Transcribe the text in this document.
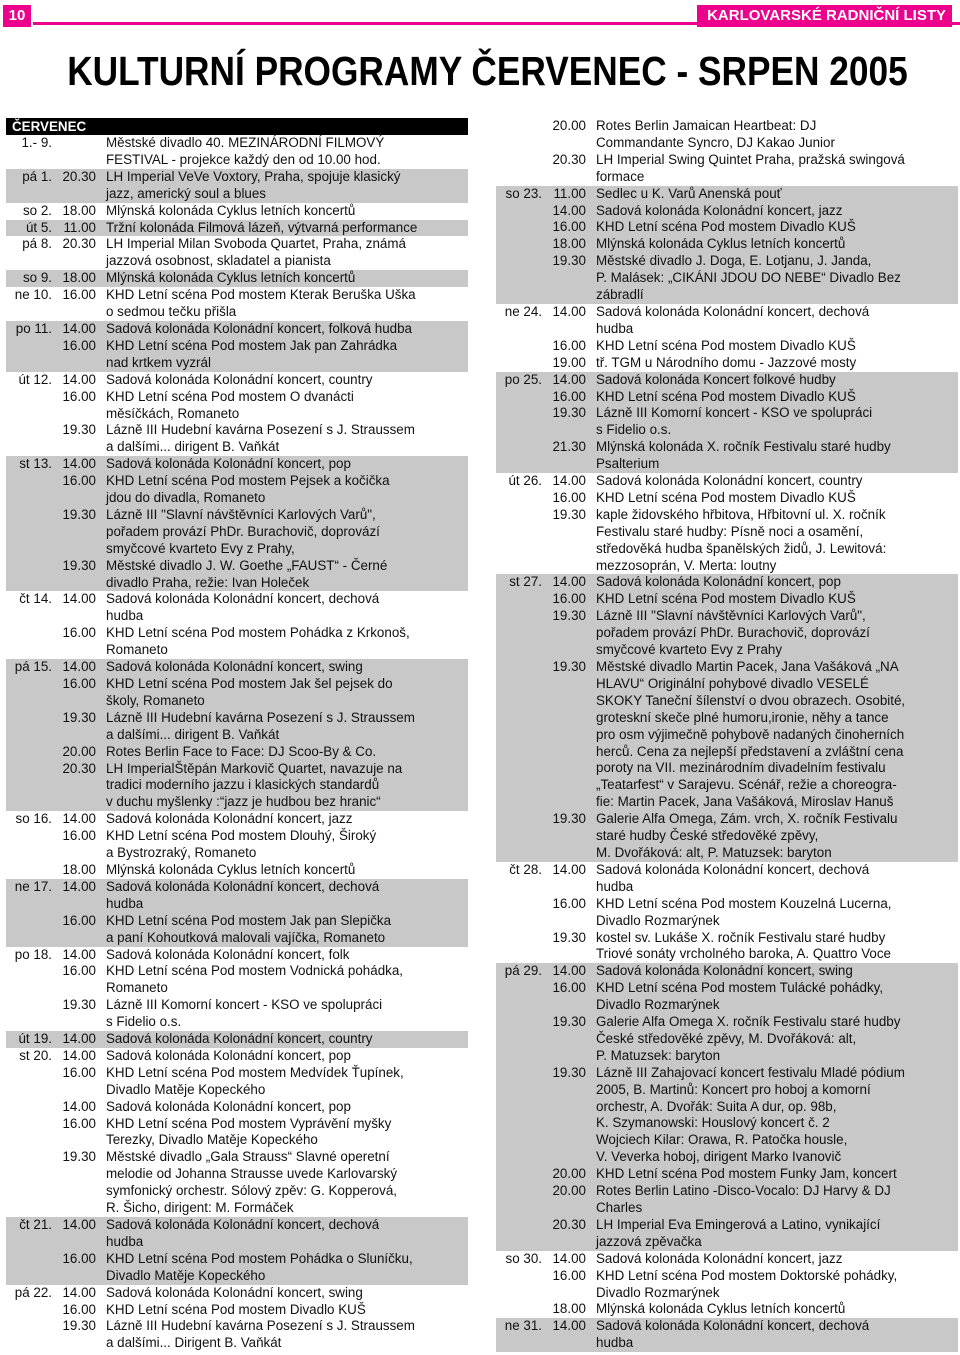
10	KARLOVARSKÉ RADNIČNÍ LISTY
KULTURNÍ PROGRAMY ČERVENEC - SRPEN 2005
ČERVENEC
1.- 9.	Městské divadlo 40. MEZINÁRODNÍ FILMOVÝ
FESTIVAL - projekce každý den od 10.00 hod.
pá 1. 20.30 LH Imperial VeVe Voxtory, Praha, spojuje klasický
jazz, americký soul a blues
so 2. 18.00 Mlýnská kolonáda Cyklus letních koncertů
út 5. 11.00 Tržní kolonáda Filmová lázeň, výtvarná performance
pá 8. 20.30 LH Imperial Milan Svoboda Quartet, Praha, známá
jazzová osobnost, skladatel a pianista
so 9. 18.00 Mlýnská kolonáda Cyklus letních koncertů
ne 10. 16.00 KHD Letní scéna Pod mostem Kterak Beruška Uška
o sedmou tečku přišla
po 11. 14.00 Sadová kolonáda Kolonádní koncert, folková hudba
16.00 KHD Letní scéna Pod mostem Jak pan Zahrádka
nad krtkem vyzrál
út 12. 14.00 Sadová kolonáda Kolonádní koncert, country
16.00 KHD Letní scéna Pod mostem O dvanácti
měsíčkách, Romaneto
19.30 Lázně III Hudební kavárna Posezení s J. Straussem
a dalšími... dirigent B. Vaňkát
st 13. 14.00 Sadová kolonáda Kolonádní koncert, pop
16.00 KHD Letní scéna Pod mostem Pejsek a kočička
jdou do divadla, Romaneto
19.30 Lázně III "Slavní návštěvníci Karlových Varů",
pořadem provází PhDr. Burachovič, doprovází
smyčcové kvarteto Evy z Prahy,
19.30 Městské divadlo J. W. Goethe „FAUST“ - Černé
divadlo Praha, režie: Ivan Holeček
čt 14. 14.00 Sadová kolonáda Kolonádní koncert, dechová
hudba
16.00 KHD Letní scéna Pod mostem Pohádka z Krkonoš,
Romaneto
pá 15. 14.00 Sadová kolonáda Kolonádní koncert, swing
16.00 KHD Letní scéna Pod mostem Jak šel pejsek do
školy, Romaneto
19.30 Lázně III Hudební kavárna Posezení s J. Straussem
a dalšími... dirigent B. Vaňkát
20.00 Rotes Berlin Face to Face: DJ Scoo-By & Co.
20.30 LH ImperialŠtěpán Markovič Quartet, navazuje na
tradici moderního jazzu i klasických standardů
v duchu myšlenky :“jazz je hudbou bez hranic“
so 16. 14.00 Sadová kolonáda Kolonádní koncert, jazz
16.00 KHD Letní scéna Pod mostem Dlouhý, Široký
a Bystrozraký, Romaneto
18.00 Mlýnská kolonáda Cyklus letních koncertů
ne 17. 14.00 Sadová kolonáda Kolonádní koncert, dechová
hudba
16.00 KHD Letní scéna Pod mostem Jak pan Slepička
a paní Kohoutková malovali vajíčka, Romaneto
po 18. 14.00 Sadová kolonáda Kolonádní koncert, folk
16.00 KHD Letní scéna Pod mostem Vodnická pohádka,
Romaneto
19.30 Lázně III Komorní koncert - KSO ve spolupráci
s Fidelio o.s.
út 19. 14.00 Sadová kolonáda Kolonádní koncert, country
st 20. 14.00 Sadová kolonáda Kolonádní koncert, pop
16.00 KHD Letní scéna Pod mostem Medvídek Ťupínek,
Divadlo Matěje Kopeckého
14.00 Sadová kolonáda Kolonádní koncert, pop
16.00 KHD Letní scéna Pod mostem Vyprávění myšky
Terezky, Divadlo Matěje Kopeckého
19.30 Městské divadlo „Gala Strauss“ Slavné operetní
melodie od Johanna Strausse uvede Karlovarský
symfonický orchestr. Sólový zpěv: G. Kopperová,
R. Šicho, dirigent: M. Formáček
čt 21. 14.00 Sadová kolonáda Kolonádní koncert, dechová
hudba
16.00 KHD Letní scéna Pod mostem Pohádka o Sluníčku,
Divadlo Matěje Kopeckého
pá 22. 14.00 Sadová kolonáda Kolonádní koncert, swing
16.00 KHD Letní scéna Pod mostem Divadlo KUŠ
19.30 Lázně III Hudební kavárna Posezení s J. Straussem
a dalšími... Dirigent B. Vaňkát
20.00 Rotes Berlin Jamaican Heartbeat: DJ
Commandante Syncro, DJ Kakao Junior
20.30 LH Imperial Swing Quintet Praha, pražská swingová
formace
so 23. 11.00 Sedlec u K. Varů Anenská pouť
14.00 Sadová kolonáda Kolonádní koncert, jazz
16.00 KHD Letní scéna Pod mostem Divadlo KUŠ
18.00 Mlýnská kolonáda Cyklus letních koncertů
19.30 Městské divadlo J. Doga, E. Lotjanu, J. Janda,
P. Malásek: „CIKÁNI JDOU DO NEBE“ Divadlo Bez
zábradlí
ne 24. 14.00 Sadová kolonáda Kolonádní koncert, dechová
hudba
16.00 KHD Letní scéna Pod mostem Divadlo KUŠ
19.00 tř. TGM u Národního domu - Jazzové mosty
po 25. 14.00 Sadová kolonáda Koncert folkové hudby
16.00 KHD Letní scéna Pod mostem Divadlo KUŠ
19.30 Lázně III Komorní koncert - KSO ve spolupráci
s Fidelio o.s.
21.30 Mlýnská kolonáda X. ročník Festivalu staré hudby
Psalterium
út 26. 14.00 Sadová kolonáda Kolonádní koncert, country
16.00 KHD Letní scéna Pod mostem Divadlo KUŠ
19.30 kaple židovského hřbitova, Hřbitovní ul. X. ročník
Festivalu staré hudby: Písně noci a osamění,
středověká hudba španělských židů, J. Lewitová:
mezzosoprán, V. Merta: loutny
st 27. 14.00 Sadová kolonáda Kolonádní koncert, pop
16.00 KHD Letní scéna Pod mostem Divadlo KUŠ
19.30 Lázně III "Slavní návštěvníci Karlových Varů",
pořadem provází PhDr. Burachovič, doprovází
smyčcové kvarteto Evy z Prahy
19.30 Městské divadlo Martin Pacek, Jana Vašáková „NA
HLAVU“ Originální pohybové divadlo VESELÉ
SKOKY Taneční šílenství o dvou obrazech. Osobité,
groteskní skeče plné humoru,ironie, něhy a tance
pro osm výjimečně pohybově nadaných činoherních
herců. Cena za nejlepší představení a zvláštní cena
poroty na VII. mezinárodním divadelním festivalu
„Teatarfest“ v Sarajevu. Scénář, režie a choreogra-
fie: Martin Pacek, Jana Vašáková, Miroslav Hanuš
19.30 Galerie Alfa Omega, Zám. vrch, X. ročník Festivalu
staré hudby České středověké zpěvy,
M. Dvořáková: alt, P. Matuzsek: baryton
čt 28. 14.00 Sadová kolonáda Kolonádní koncert, dechová
hudba
16.00 KHD Letní scéna Pod mostem Kouzelná Lucerna,
Divadlo Rozmarýnek
19.30 kostel sv. Lukáše X. ročník Festivalu staré hudby
Triové sonáty vrcholného baroka, A. Quattro Voce
pá 29. 14.00 Sadová kolonáda Kolonádní koncert, swing
16.00 KHD Letní scéna Pod mostem Tulácké pohádky,
Divadlo Rozmarýnek
19.30 Galerie Alfa Omega X. ročník Festivalu staré hudby
České středověké zpěvy, M. Dvořáková: alt,
P. Matuzsek: baryton
19.30 Lázně III Zahajovací koncert festivalu Mladé pódium
2005, B. Martinů: Koncert pro hoboj a komorní
orchestr, A. Dvořák: Suita A dur, op. 98b,
K. Szymanowski: Houslový koncert č. 2
Wojciech Kilar: Orawa, R. Patočka housle,
V. Veverka hoboj, dirigent Marko Ivanovič
20.00 KHD Letní scéna Pod mostem Funky Jam, koncert
20.00 Rotes Berlin Latino -Disco-Vocalo: DJ Harvy & DJ
Charles
20.30 LH Imperial Eva Emingerová a Latino, vynikající
jazzová zpěvačka
so 30. 14.00 Sadová kolonáda Kolonádní koncert, jazz
16.00 KHD Letní scéna Pod mostem Doktorské pohádky,
Divadlo Rozmarýnek
18.00 Mlýnská kolonáda Cyklus letních koncertů
ne 31. 14.00 Sadová kolonáda Kolonádní koncert, dechová
hudba
